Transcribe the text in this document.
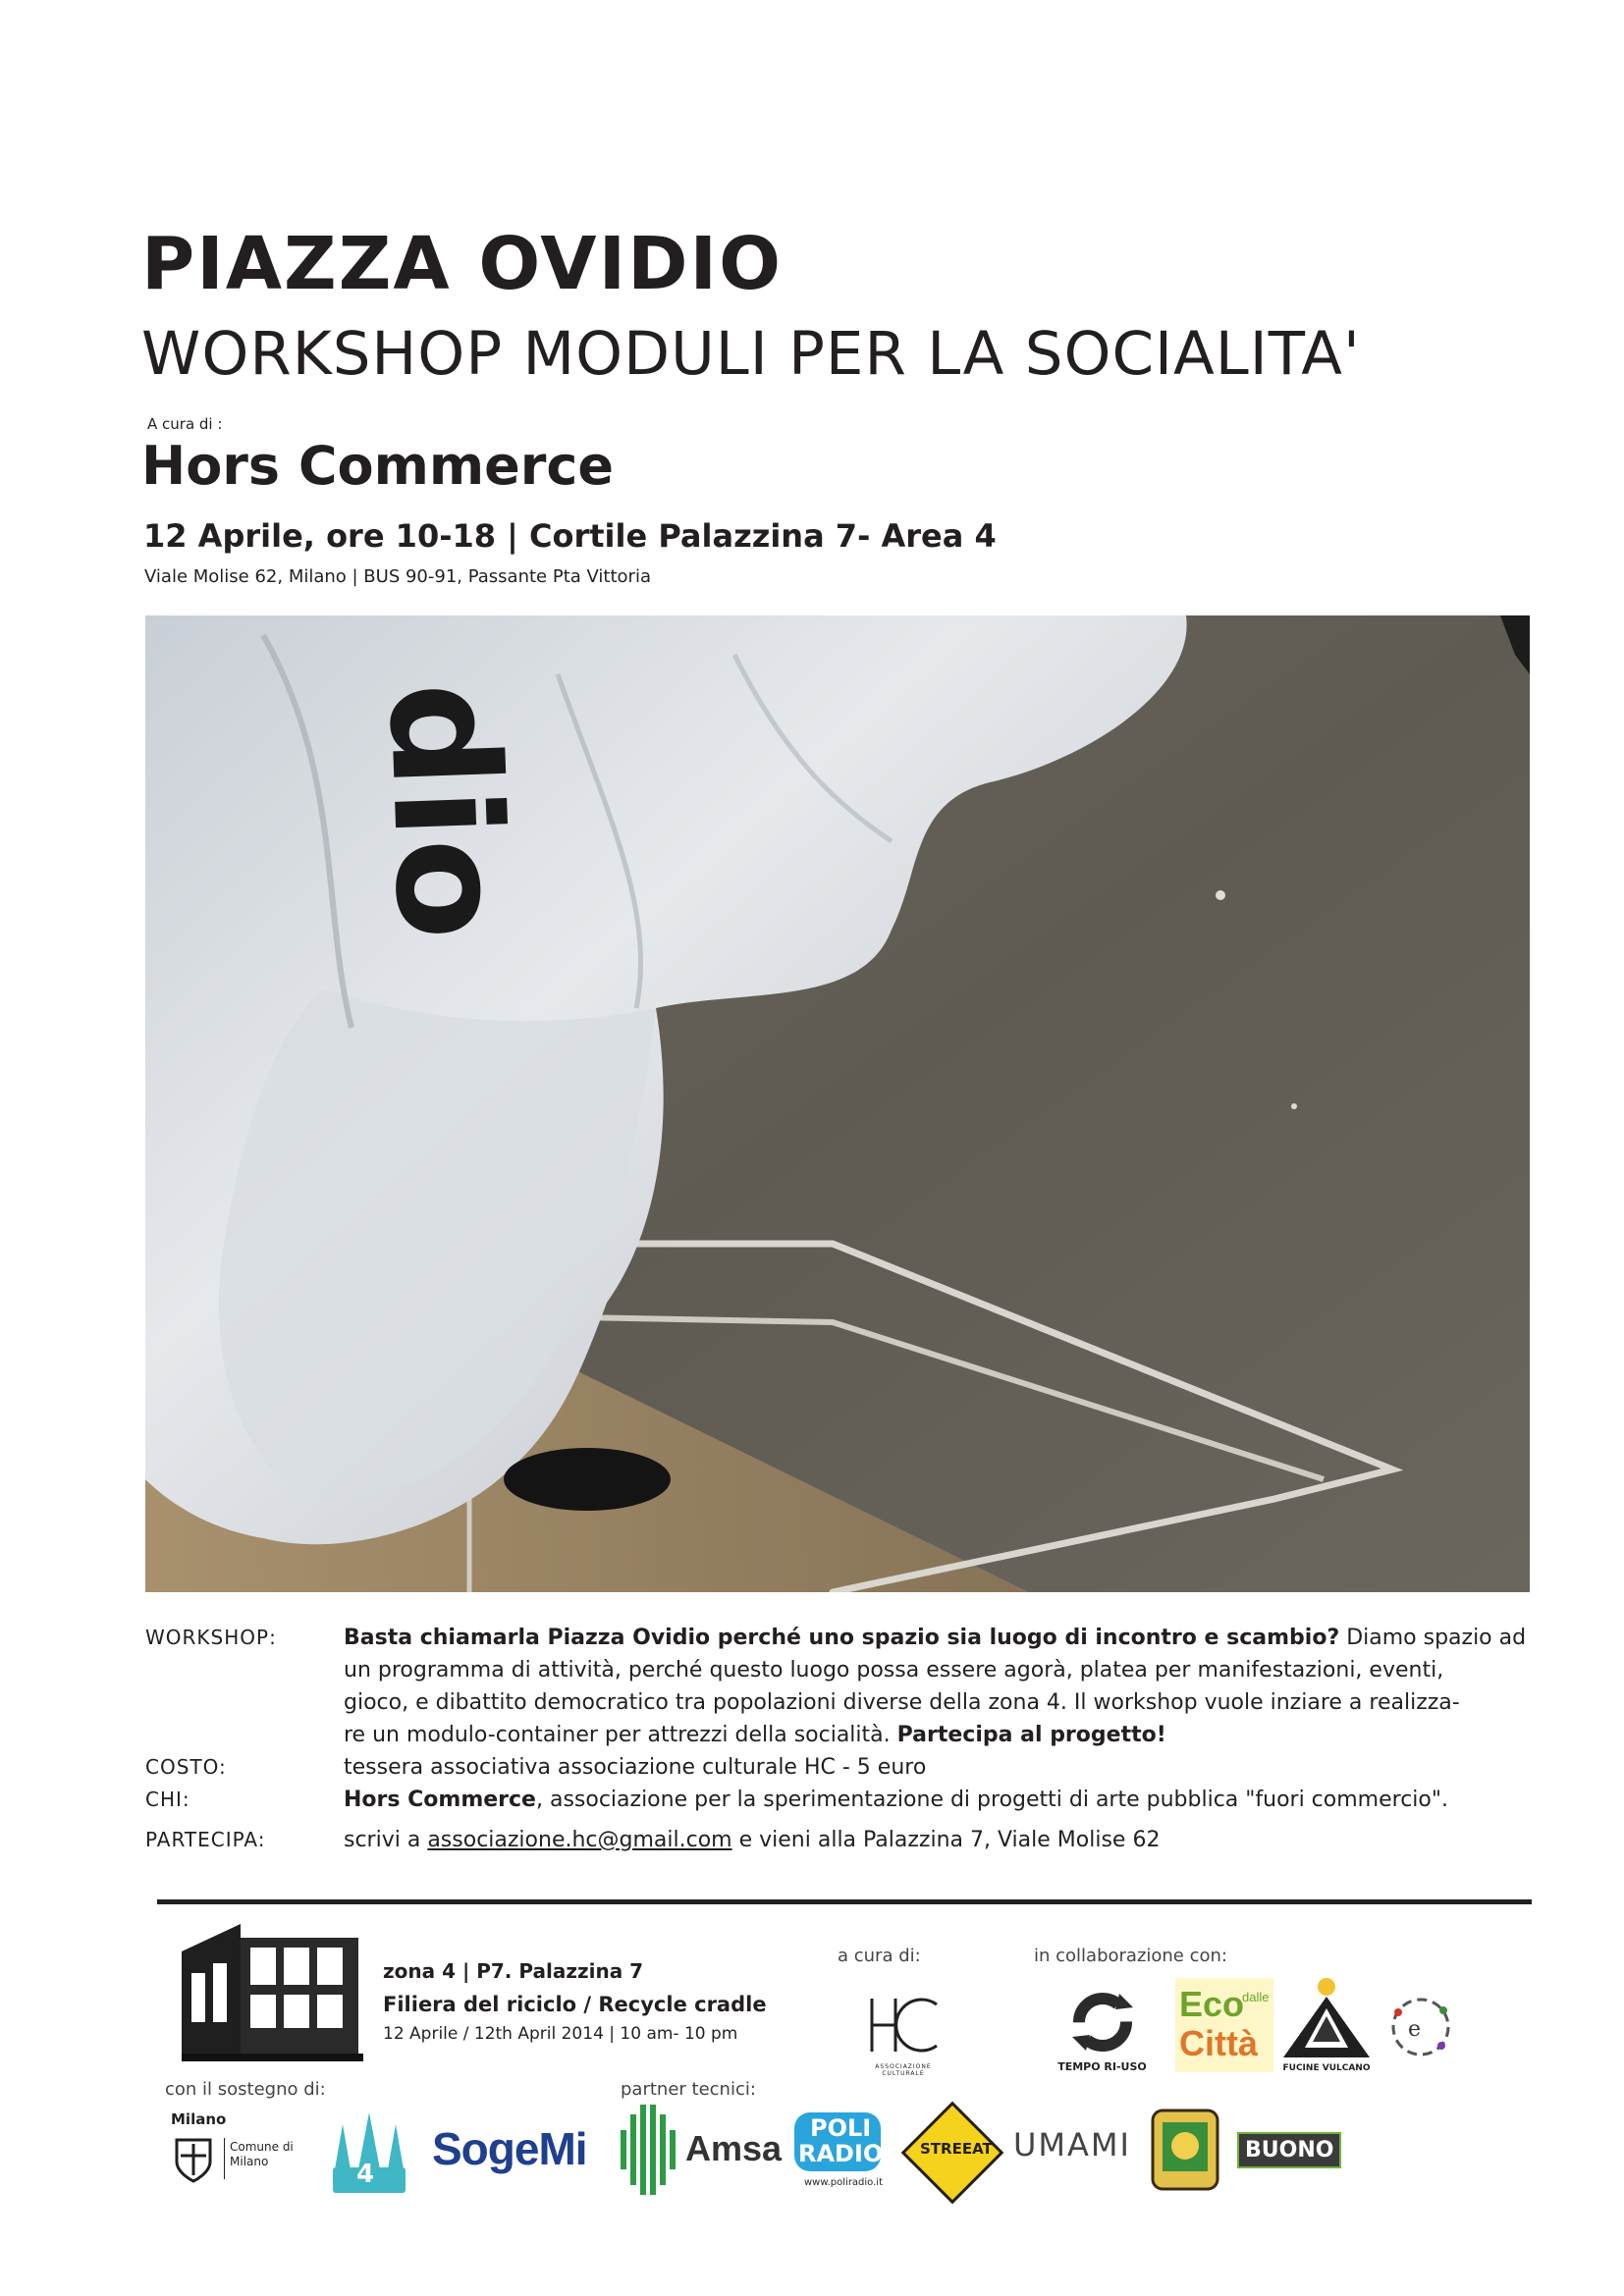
PIAZZA OVIDIO
WORKSHOP MODULI PER LA SOCIALITA'
A cura di :
Hors Commerce
12 Aprile, ore 10-18 | Cortile Palazzina 7- Area 4
Viale Molise 62, Milano | BUS 90-91, Passante Pta Vittoria
dio
WORKSHOP:	Basta chiamarla Piazza Ovidio perché uno spazio sia luogo di incontro e scambio? Diamo spazio ad
un programma di attività, perché questo luogo possa essere agorà, platea per manifestazioni, eventi,
gioco, e dibattito democratico tra popolazioni diverse della zona 4. Il workshop vuole inziare a realizza-
re un modulo-container per attrezzi della socialità. Partecipa al progetto!
COSTO:	tessera associativa associazione culturale HC - 5 euro
CHI:	Hors Commerce, associazione per la sperimentazione di progetti di arte pubblica "fuori commercio".
PARTECIPA:	scrivi a associazione.hc@gmail.com e vieni alla Palazzina 7, Viale Molise 62
zona 4 | P7. Palazzina 7
Filiera del riciclo / Recycle cradle
12 Aprile / 12th April 2014 | 10 am- 10 pm
a cura di:	in collaborazione con:
con il sostegno di:	partner tecnici:
ASSOCIAZIONE CULTURALE
TEMPO RI-USO
Eco
dalle
Città
FUCINE VULCANO
e
Milano
Comune di Milano	4 SogeMi	Amsa POLI
RADIO
www.poliradio.it
STREEAT UMAMI	BUONO
